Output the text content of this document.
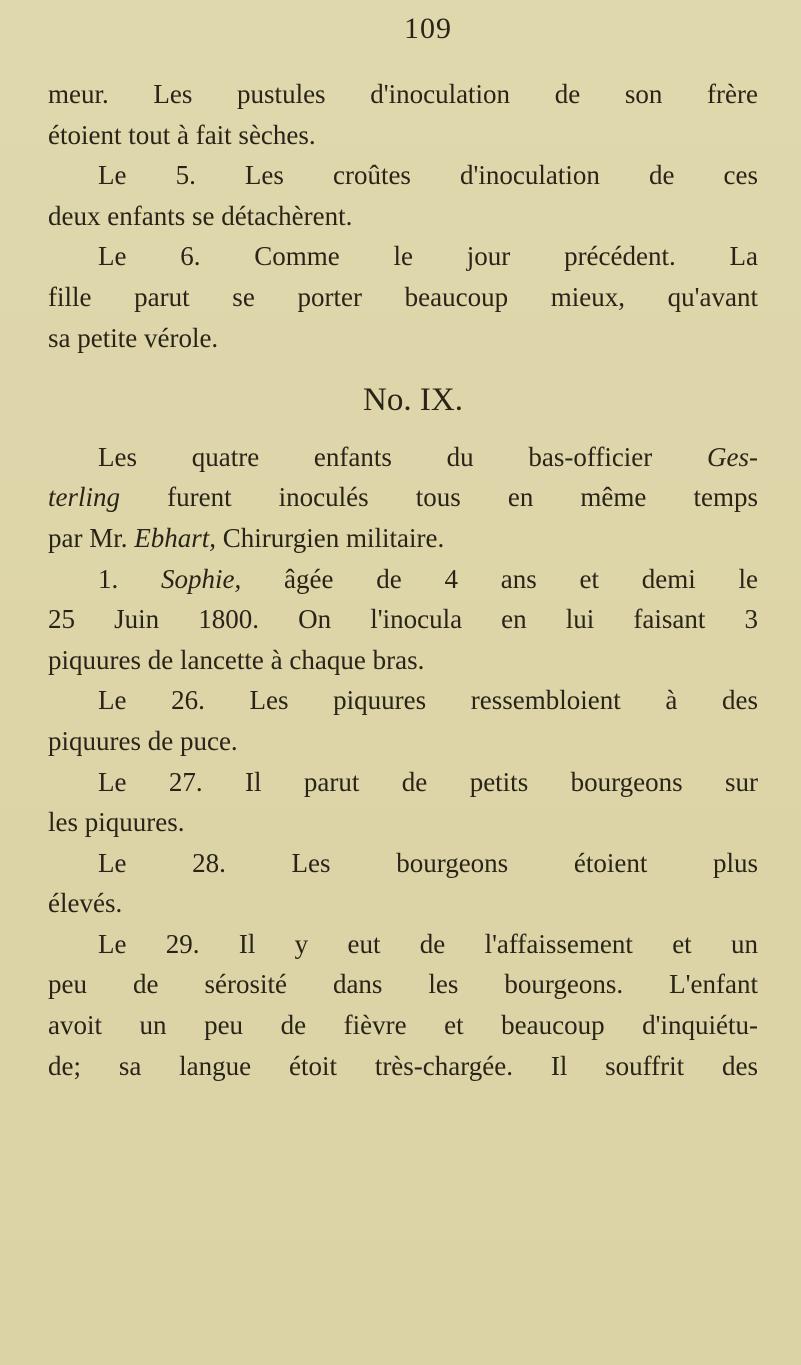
109
meur. Les pustules d'inoculation de son frère
étoient tout à fait sèches.
Le 5. Les croûtes d'inoculation de ces
deux enfants se détachèrent.
Le 6. Comme le jour précédent. La
fille parut se porter beaucoup mieux, qu'avant
sa petite vérole.
No. IX.
Les quatre enfants du bas-officier Ges-
terling furent inoculés tous en même temps
par Mr. Ebhart, Chirurgien militaire.
1. Sophie, âgée de 4 ans et demi le
25 Juin 1800. On l'inocula en lui faisant 3
piquures de lancette à chaque bras.
Le 26. Les piquures ressembloient à des
piquures de puce.
Le 27. Il parut de petits bourgeons sur
les piquures.
Le 28. Les bourgeons étoient plus
élevés.
Le 29. Il y eut de l'affaissement et un
peu de sérosité dans les bourgeons. L'enfant
avoit un peu de fièvre et beaucoup d'inquiétu-
de; sa langue étoit très-chargée. Il souffrit des
